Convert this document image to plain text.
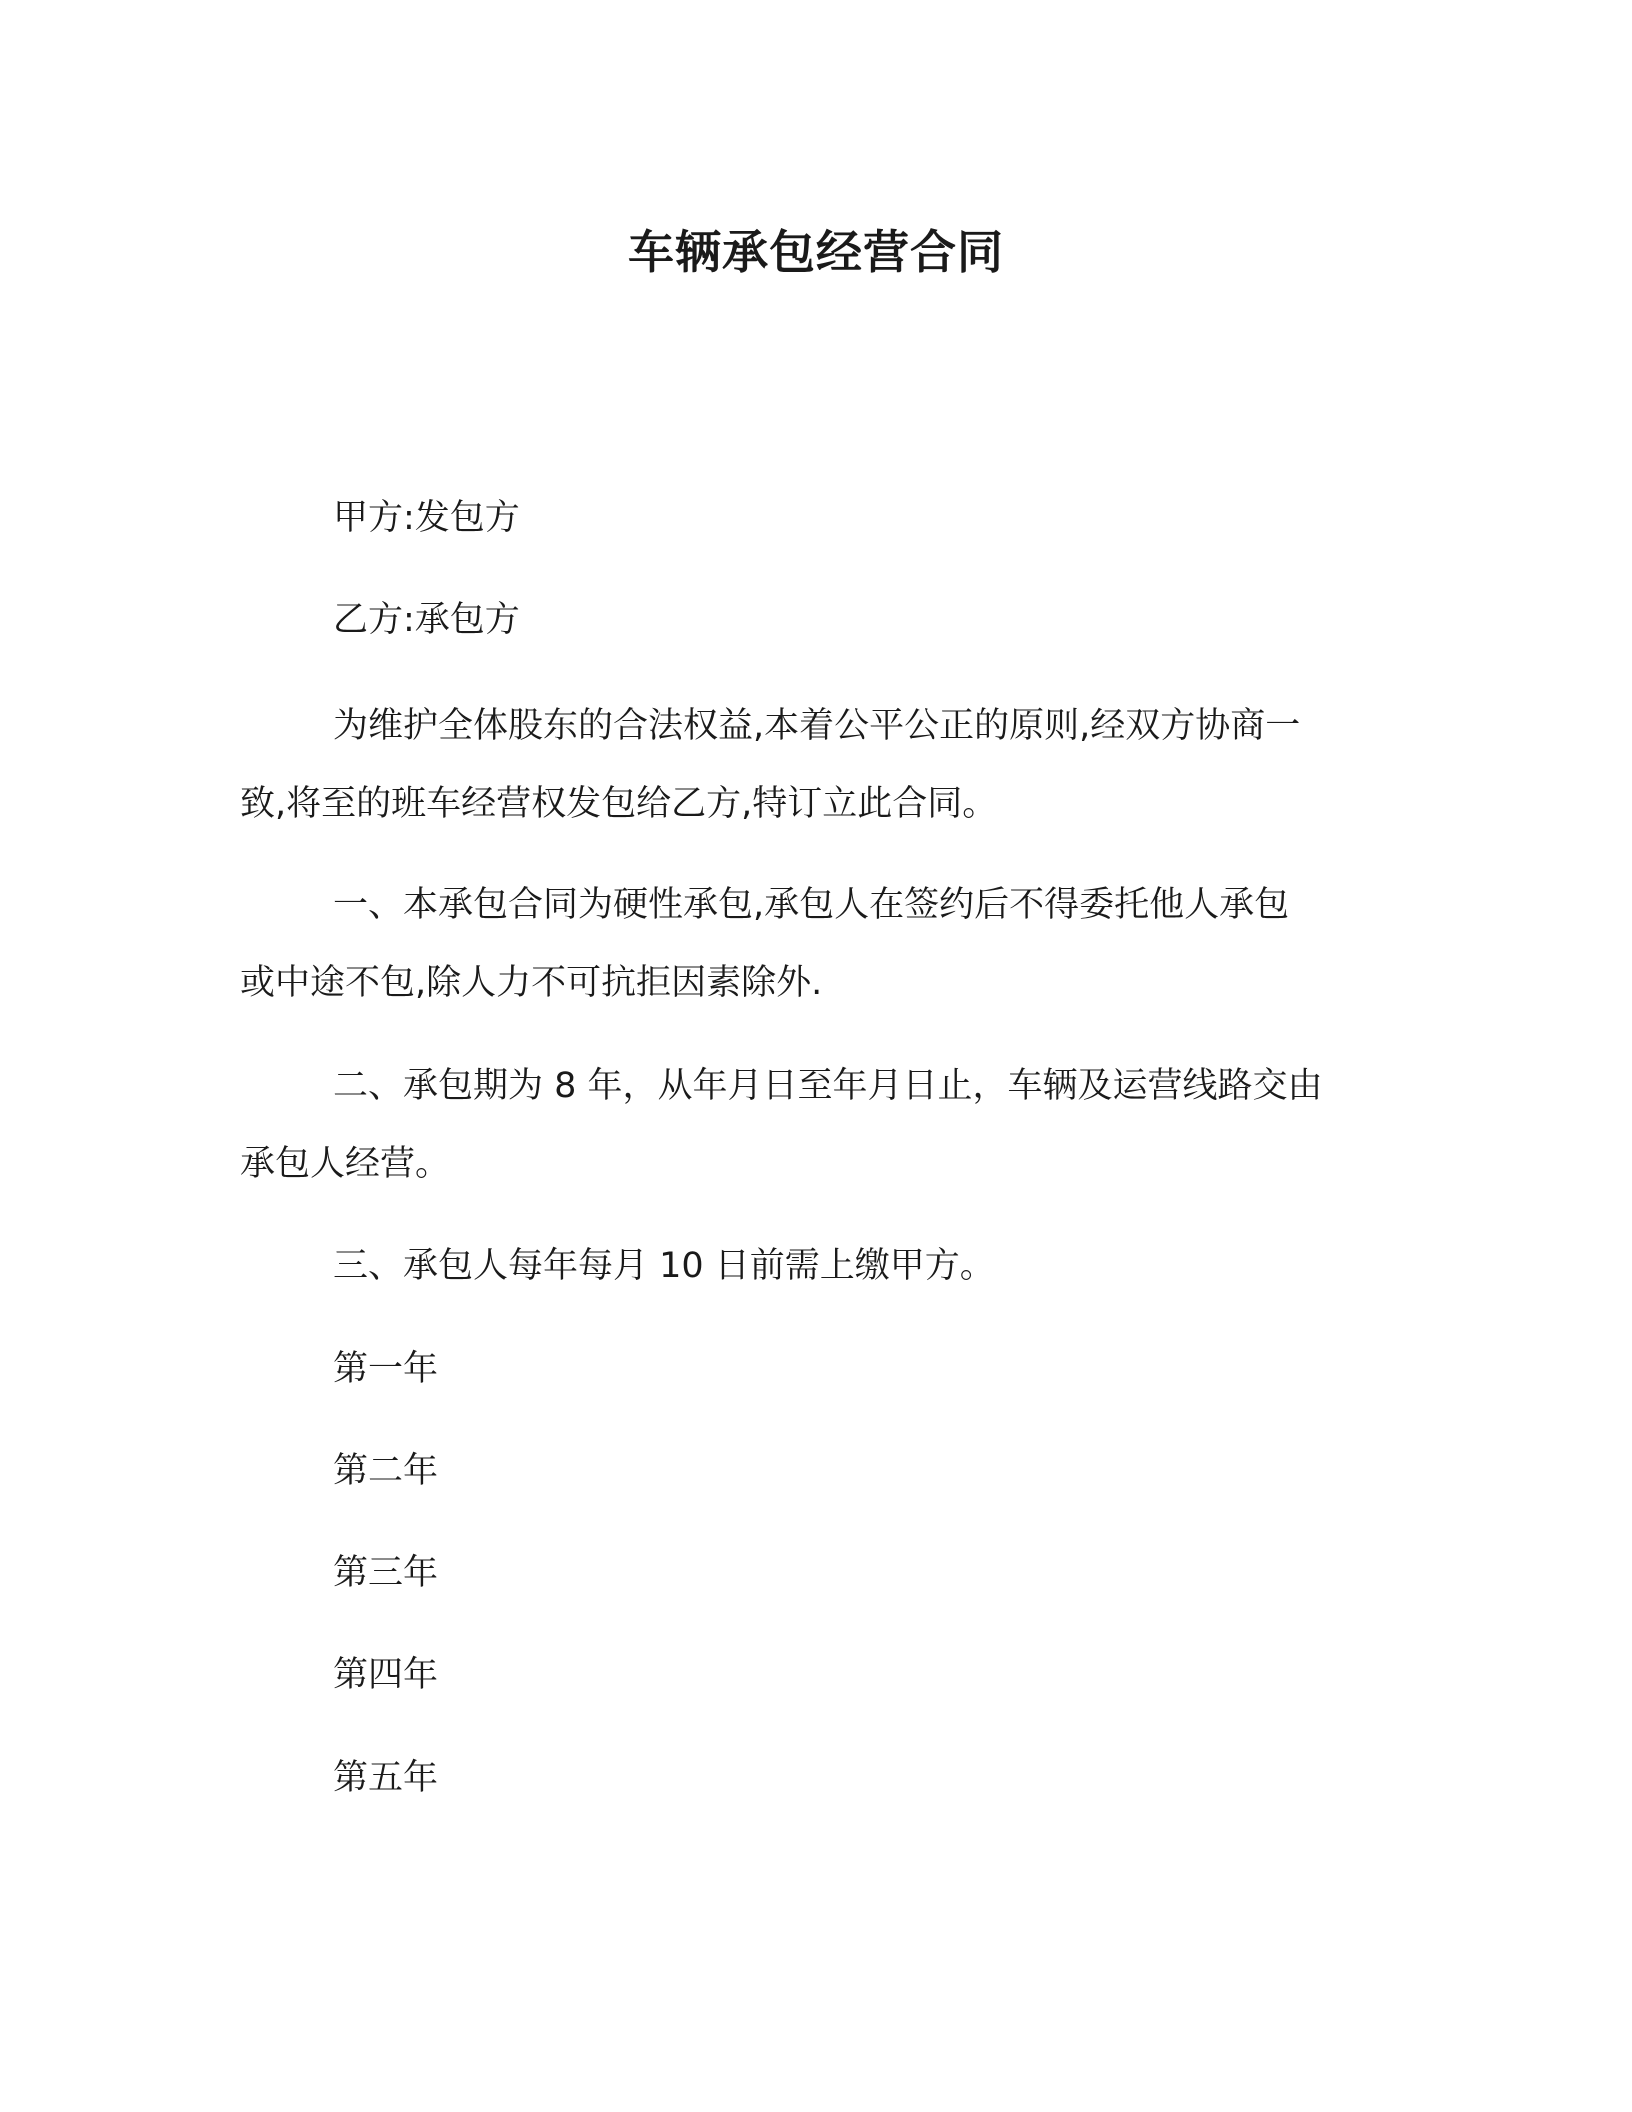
车辆承包经营合同
甲方:发包方
乙方:承包方
为维护全体股东的合法权益,本着公平公正的原则,经双方协商一
致,将至的班车经营权发包给乙方,特订立此合同。
一、本承包合同为硬性承包,承包人在签约后不得委托他人承包
或中途不包,除人力不可抗拒因素除外.
二、承包期为 8 年，从年月日至年月日止，车辆及运营线路交由
承包人经营。
三、承包人每年每月 10 日前需上缴甲方。
第一年
第二年
第三年
第四年
第五年
